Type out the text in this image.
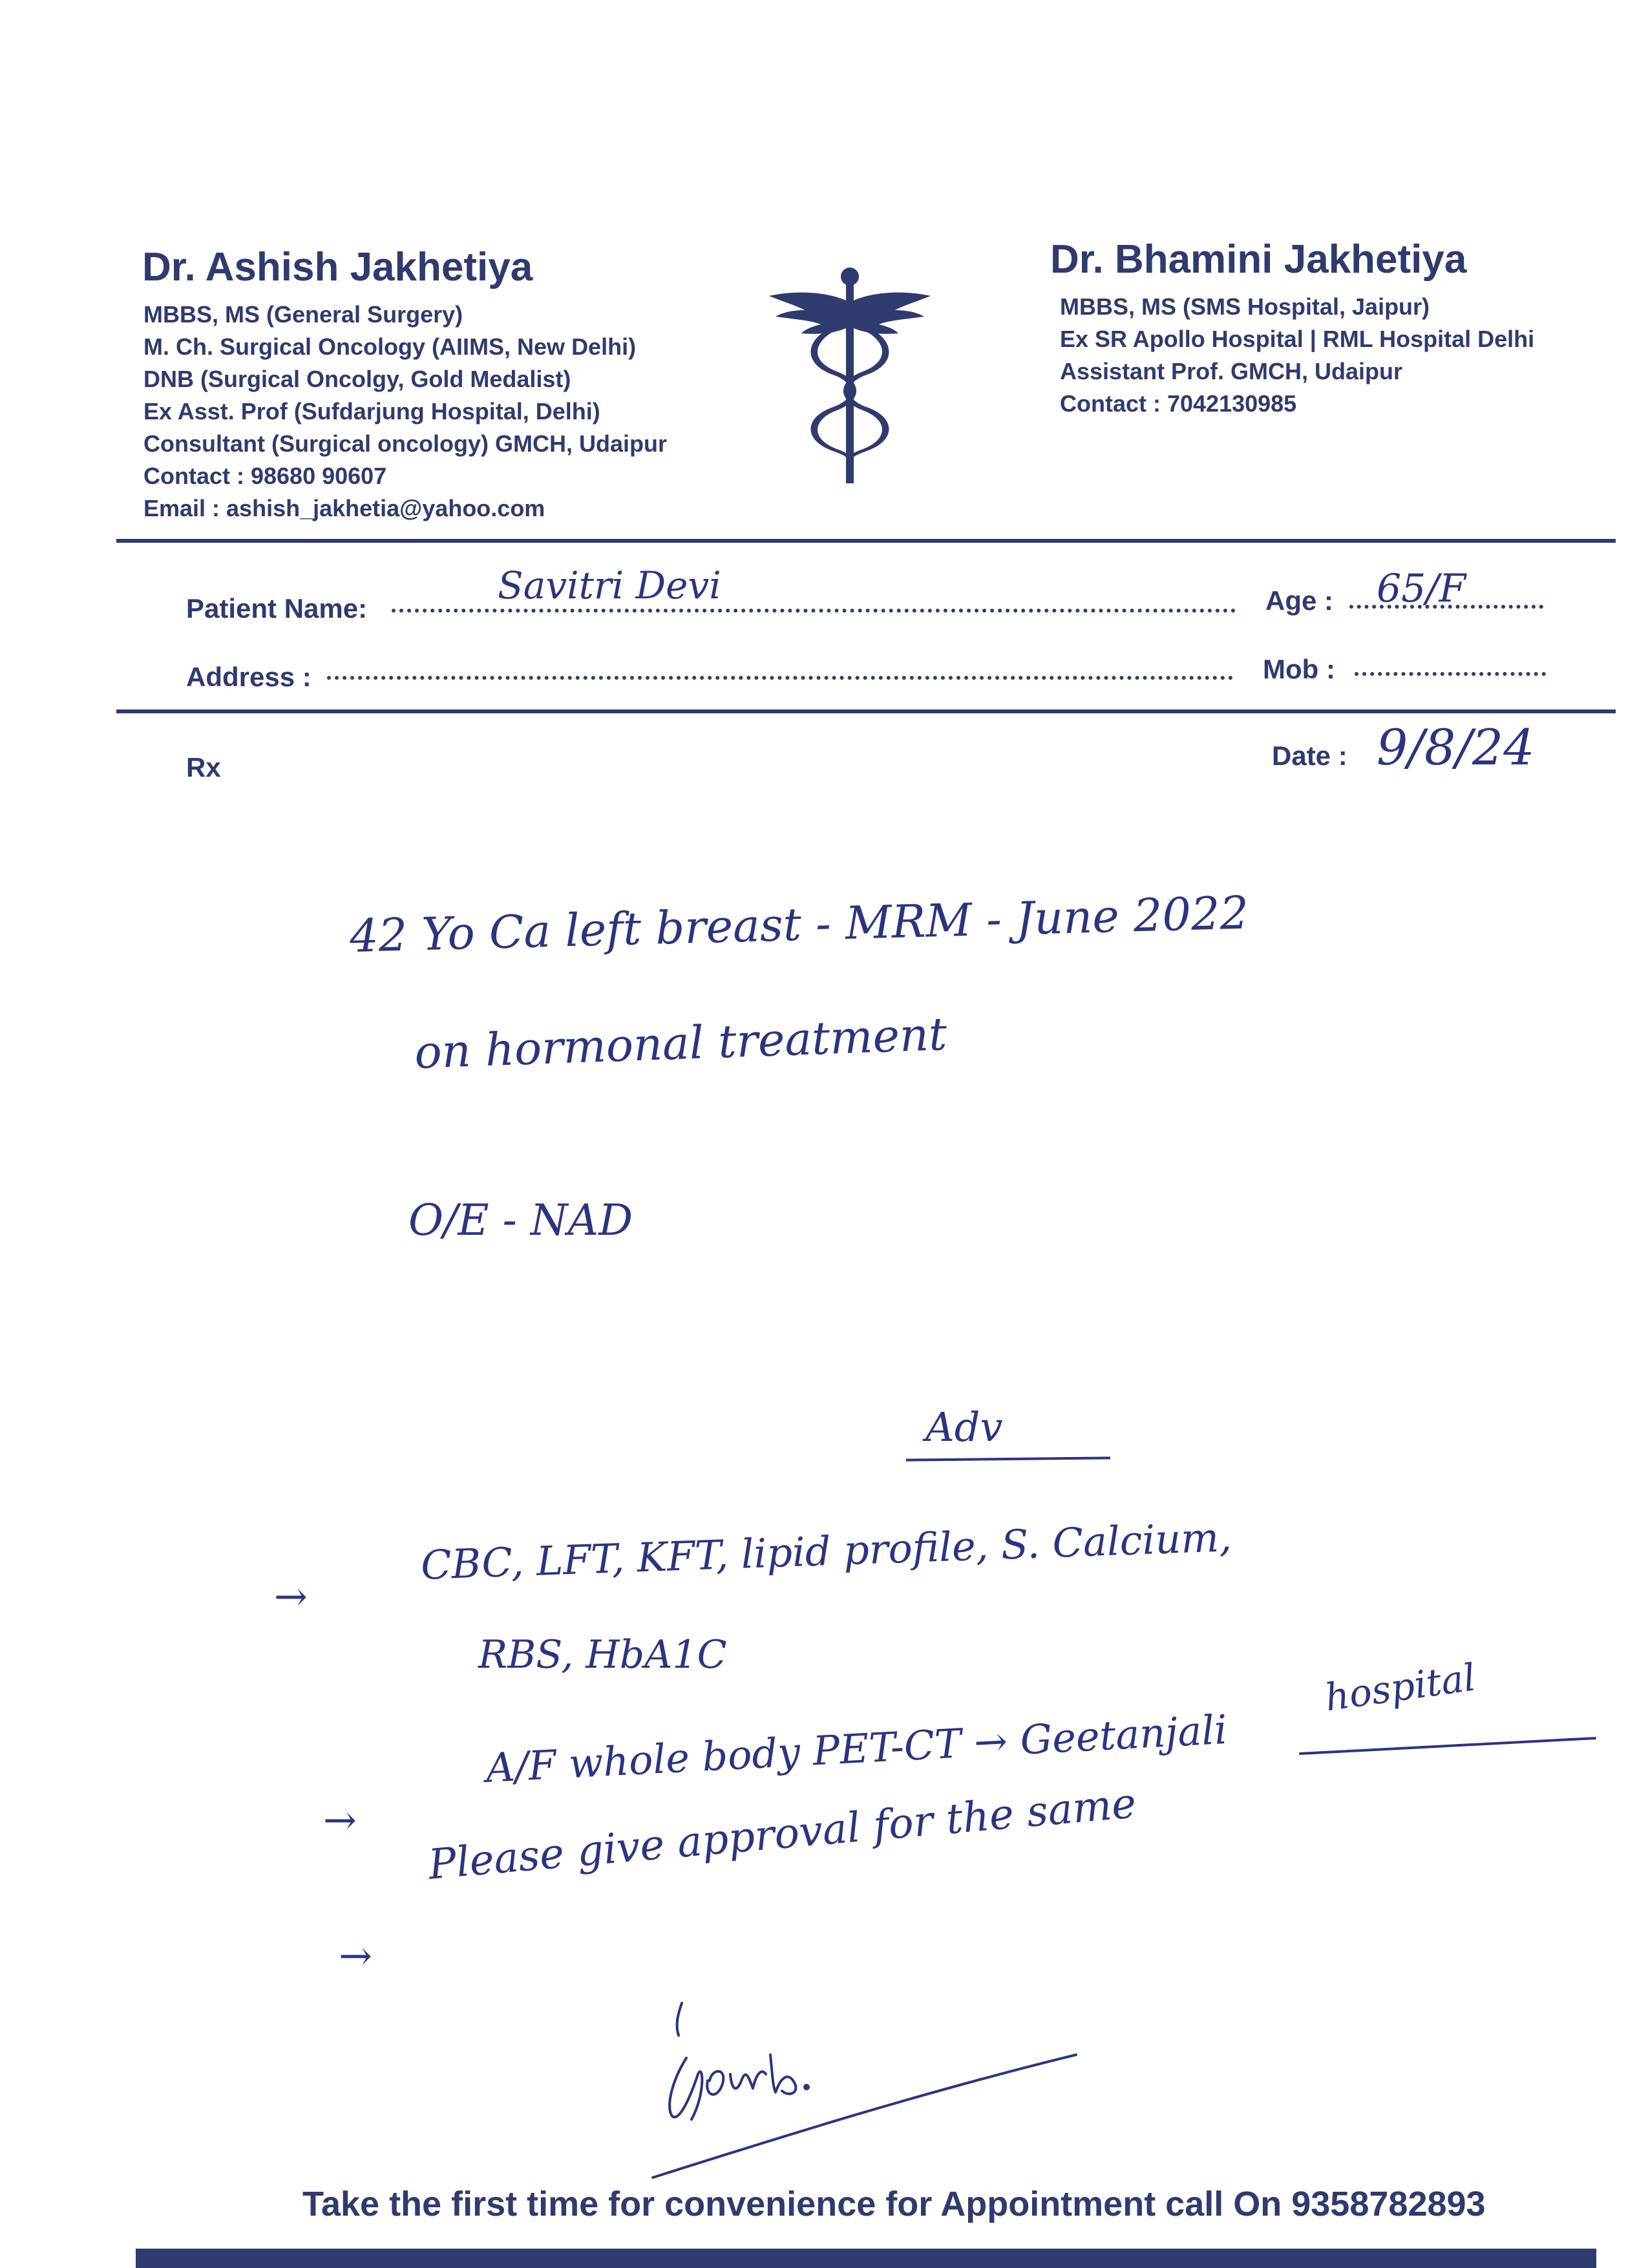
Dr. Ashish Jakhetiya
MBBS, MS (General Surgery)
M. Ch. Surgical Oncology (AIIMS, New Delhi)
DNB (Surgical Oncolgy, Gold Medalist)
Ex Asst. Prof (Sufdarjung Hospital, Delhi)
Consultant (Surgical oncology) GMCH, Udaipur
Contact : 98680 90607
Email : ashish_jakhetia@yahoo.com
Dr. Bhamini Jakhetiya
MBBS, MS (SMS Hospital, Jaipur)
Ex SR Apollo Hospital | RML Hospital Delhi
Assistant Prof. GMCH, Udaipur
Contact : 7042130985
Patient Name:
Savitri Devi	Age : 65/F
Address :	Mob :
Rx	Date : 9/8/24
42 Yo Ca left breast - MRM - June 2022
on hormonal treatment
O/E - NAD
Adv
→
CBC, LFT, KFT, lipid profile, S. Calcium,
RBS, HbA1C
→
A/F whole body PET-CT → Geetanjali
hospital
→
Please give approval for the same
Take the first time for convenience for Appointment call On 9358782893
